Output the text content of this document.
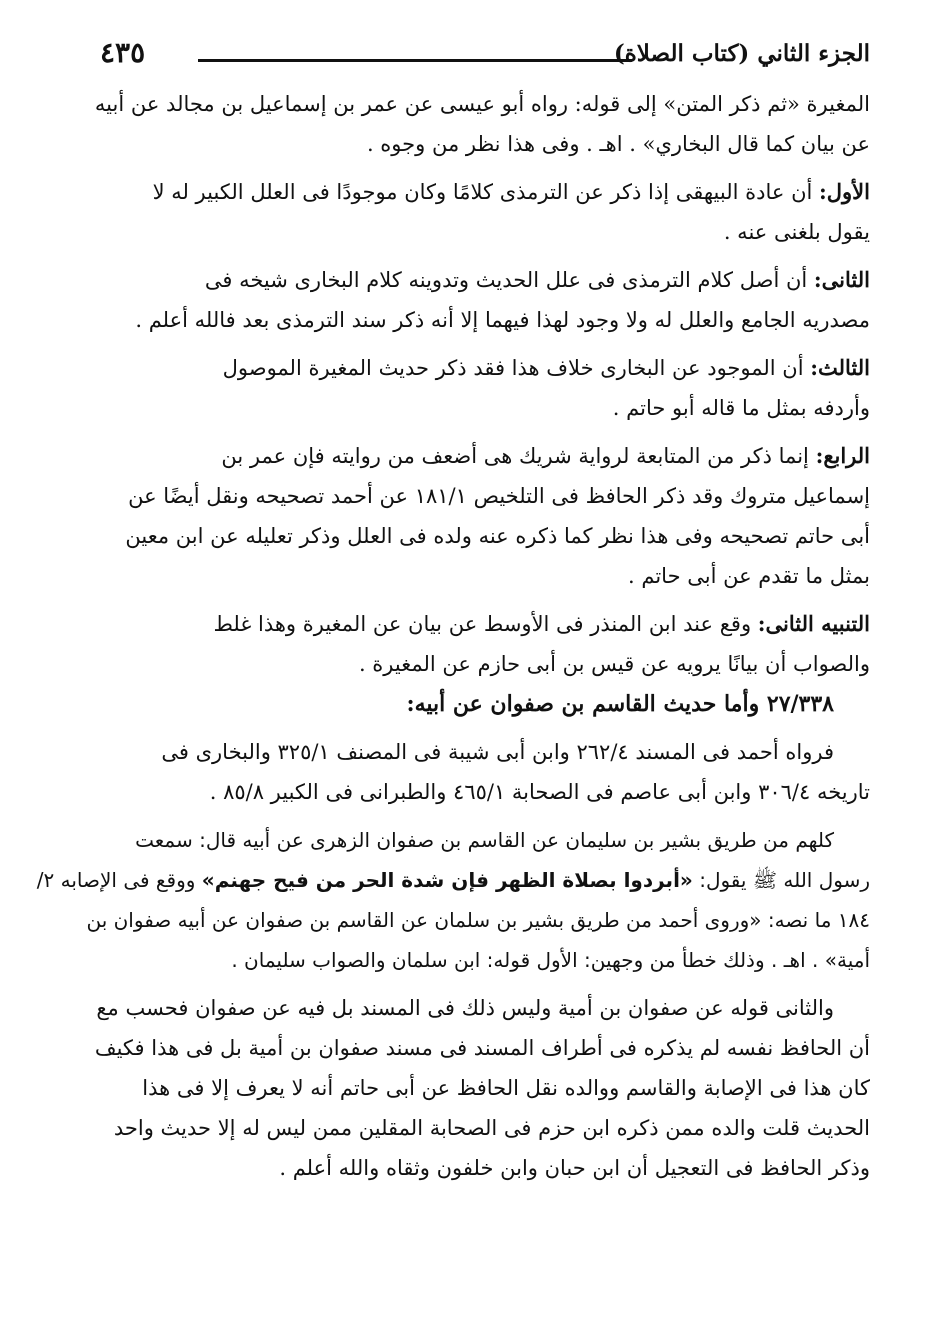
الجزء الثاني (كتاب الصلاة)
٤٣٥
المغيرة «ثم ذكر المتن» إلى قوله: رواه أبو عيسى عن عمر بن إسماعيل بن مجالد عن أبيه
عن بيان كما قال البخاري» . اهـ . وفى هذا نظر من وجوه .
الأول: أن عادة البيهقى إذا ذكر عن الترمذى كلامًا وكان موجودًا فى العلل الكبير له لا
يقول بلغنى عنه .
الثانى: أن أصل كلام الترمذى فى علل الحديث وتدوينه كلام البخارى شيخه فى
مصدريه الجامع والعلل له ولا وجود لهذا فيهما إلا أنه ذكر سند الترمذى بعد فالله أعلم .
الثالث: أن الموجود عن البخارى خلاف هذا فقد ذكر حديث المغيرة الموصول
وأردفه بمثل ما قاله أبو حاتم .
الرابع: إنما ذكر من المتابعة لرواية شريك هى أضعف من روايته فإن عمر بن
إسماعيل متروك وقد ذكر الحافظ فى التلخيص ١٨١/١ عن أحمد تصحيحه ونقل أيضًا عن
أبى حاتم تصحيحه وفى هذا نظر كما ذكره عنه ولده فى العلل وذكر تعليله عن ابن معين
بمثل ما تقدم عن أبى حاتم .
التنبيه الثانى: وقع عند ابن المنذر فى الأوسط عن بيان عن المغيرة وهذا غلط
والصواب أن بيانًا يرويه عن قيس بن أبى حازم عن المغيرة .
٢٧/٣٣٨ وأما حديث القاسم بن صفوان عن أبيه:
فرواه أحمد فى المسند ٢٦٢/٤ وابن أبى شيبة فى المصنف ٣٢٥/١ والبخارى فى
تاريخه ٣٠٦/٤ وابن أبى عاصم فى الصحابة ٤٦٥/١ والطبرانى فى الكبير ٨٥/٨ .
كلهم من طريق بشير بن سليمان عن القاسم بن صفوان الزهرى عن أبيه قال: سمعت
رسول الله ﷺ يقول: «أبردوا بصلاة الظهر فإن شدة الحر من فيح جهنم» ووقع فى الإصابه ٢/
١٨٤ ما نصه: «وروى أحمد من طريق بشير بن سلمان عن القاسم بن صفوان عن أبيه صفوان بن
أمية» . اهـ . وذلك خطأ من وجهين: الأول قوله: ابن سلمان والصواب سليمان .
والثانى قوله عن صفوان بن أمية وليس ذلك فى المسند بل فيه عن صفوان فحسب مع
أن الحافظ نفسه لم يذكره فى أطراف المسند فى مسند صفوان بن أمية بل فى هذا فكيف
كان هذا فى الإصابة والقاسم ووالده نقل الحافظ عن أبى حاتم أنه لا يعرف إلا فى هذا
الحديث قلت والده ممن ذكره ابن حزم فى الصحابة المقلين ممن ليس له إلا حديث واحد
وذكر الحافظ فى التعجيل أن ابن حبان وابن خلفون وثقاه والله أعلم .
